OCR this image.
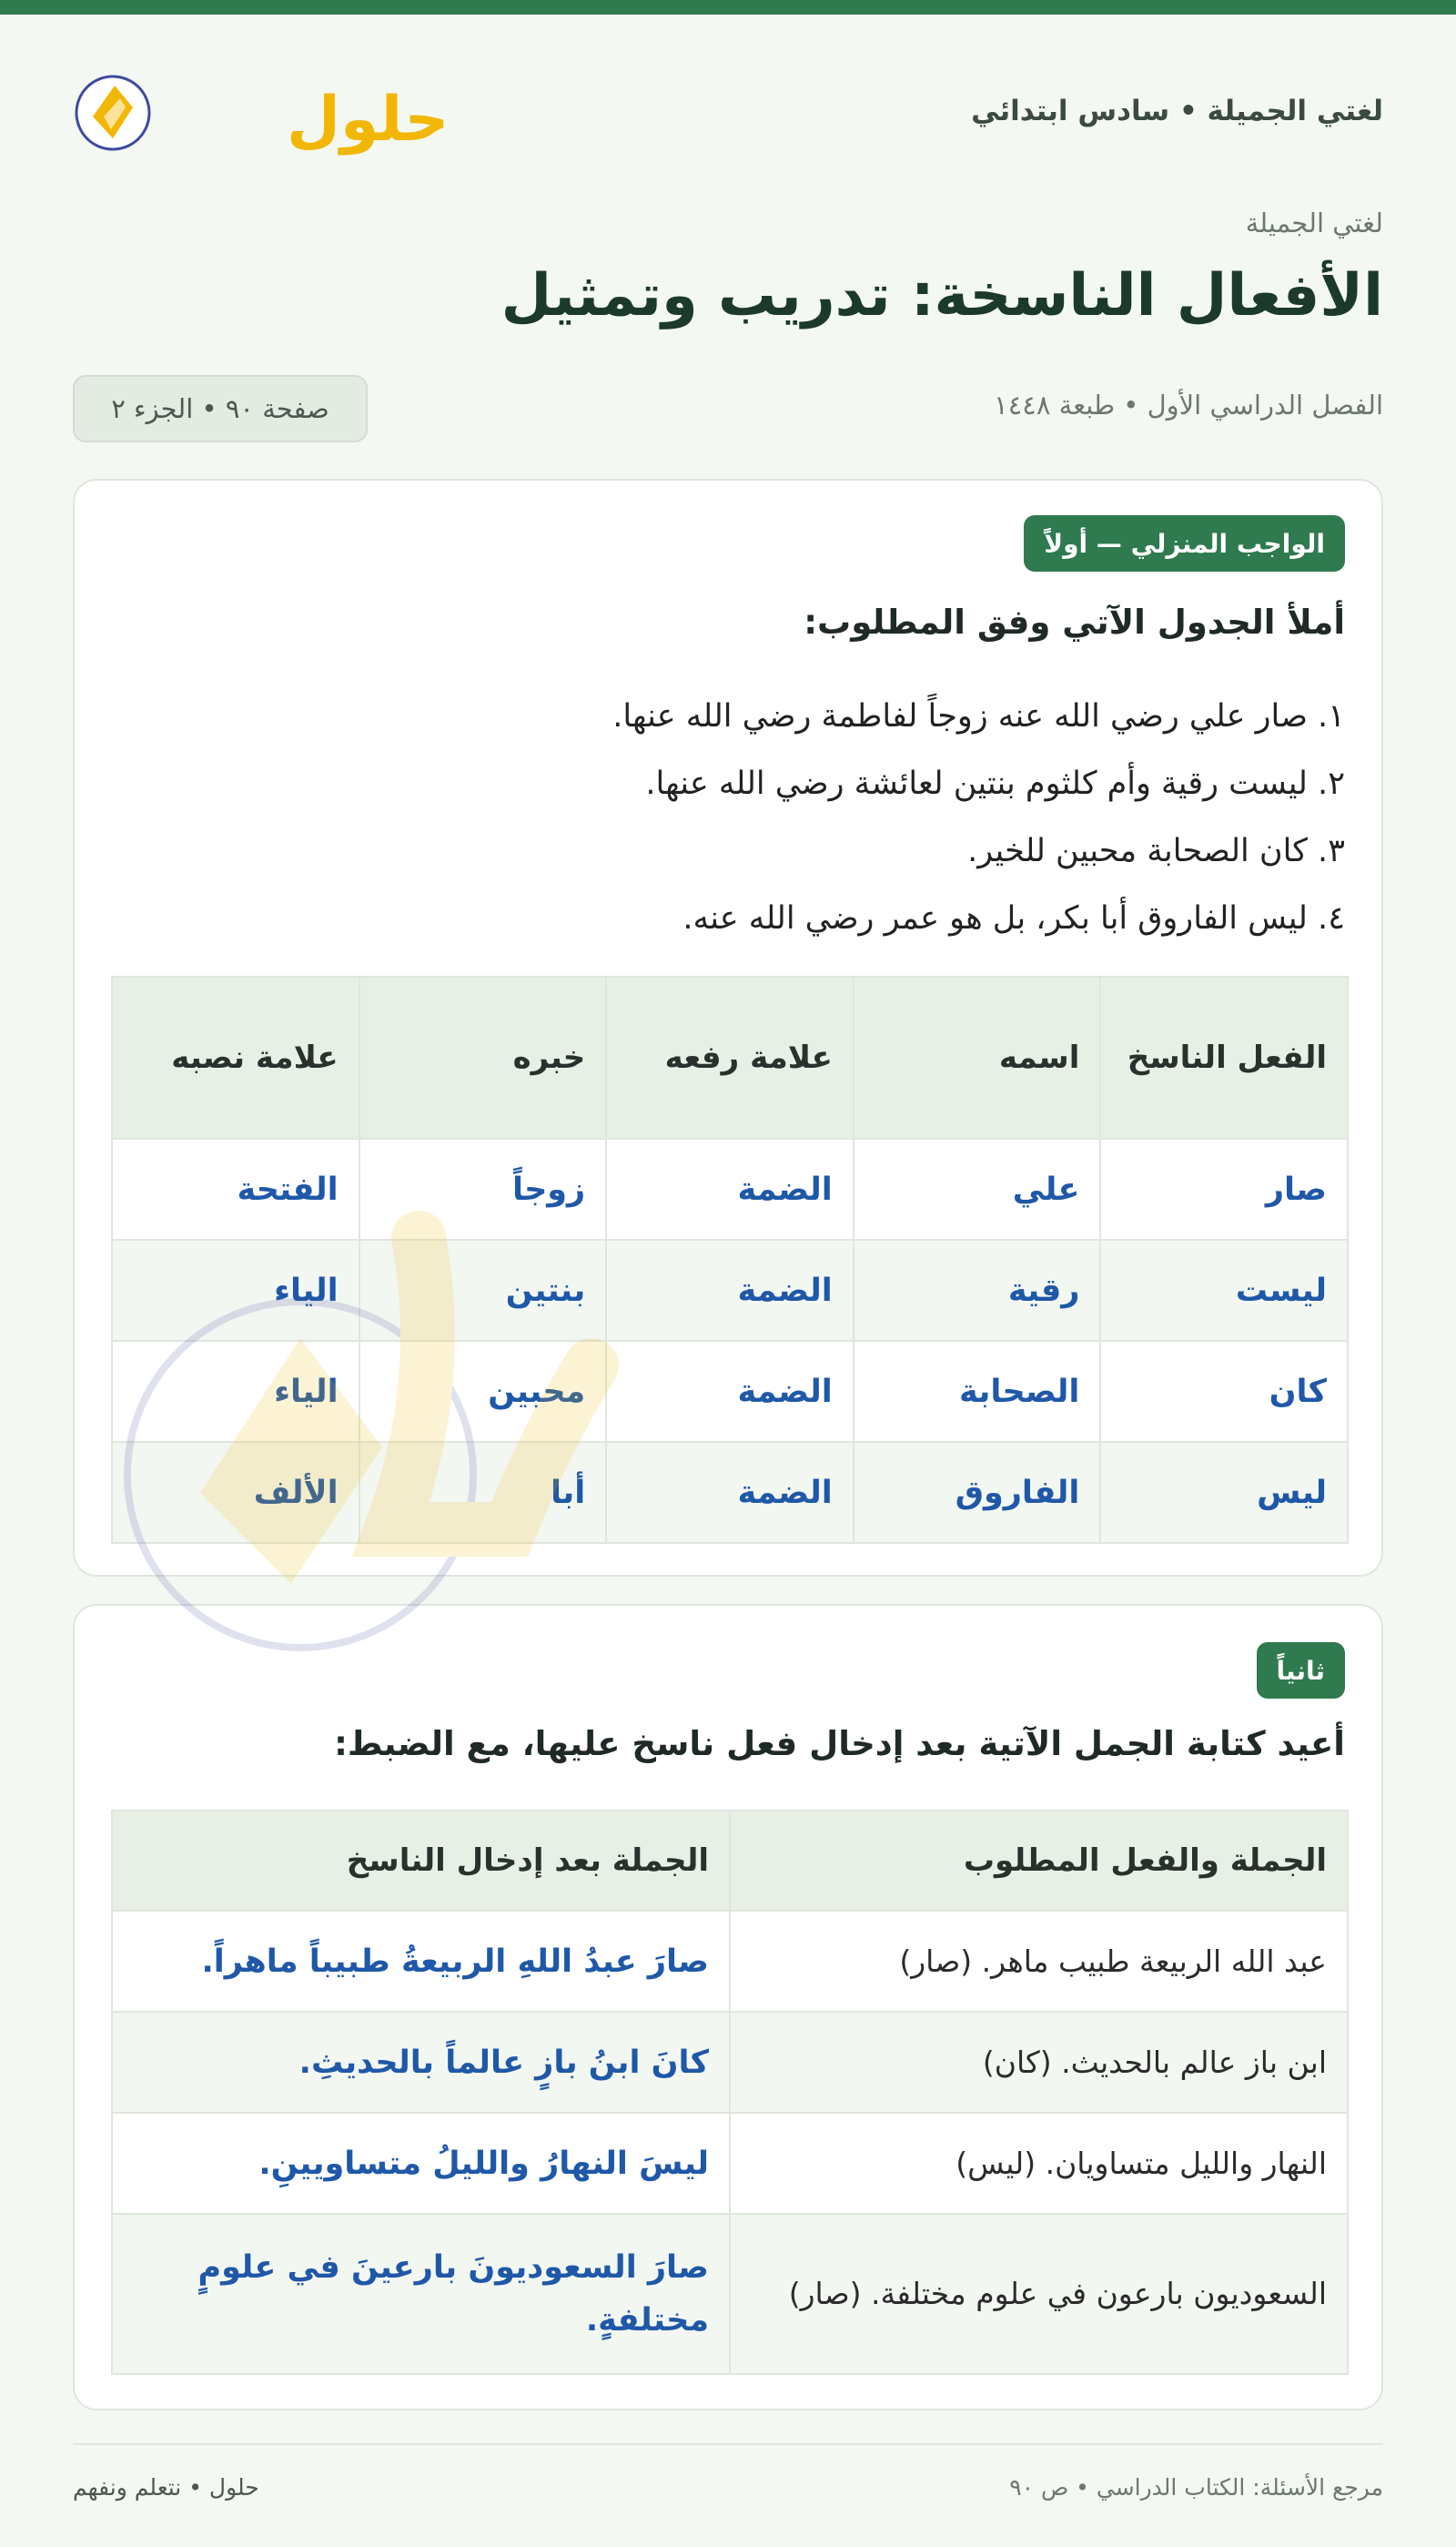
لغتي الجميلة • سادس ابتدائي
حلول
لغتي الجميلة
الأفعال الناسخة: تدريب وتمثيل
الفصل الدراسي الأول • طبعة ١٤٤٨
صفحة ٩٠ • الجزء ٢
الواجب المنزلي — أولاً
أملأ الجدول الآتي وفق المطلوب:
١. صار علي رضي الله عنه زوجاً لفاطمة رضي الله عنها.
٢. ليست رقية وأم كلثوم بنتين لعائشة رضي الله عنها.
٣. كان الصحابة محبين للخير.
٤. ليس الفاروق أبا بكر، بل هو عمر رضي الله عنه.
الفعل الناسخ	اسمه	علامة رفعه	خبره	علامة نصبه
صار	علي	الضمة	زوجاً	الفتحة
ليست	رقية	الضمة	بنتين	الياء
كان	الصحابة	الضمة	محبين	الياء
ليس	الفاروق	الضمة	أبا	الألف
ثانياً
أعيد كتابة الجمل الآتية بعد إدخال فعل ناسخ عليها، مع الضبط:
الجملة والفعل المطلوب	الجملة بعد إدخال الناسخ
عبد الله الربيعة طبيب ماهر. (صار)	صارَ عبدُ اللهِ الربيعةُ طبيباً ماهراً.
ابن باز عالم بالحديث. (كان)	كانَ ابنُ بازٍ عالماً بالحديثِ.
النهار والليل متساويان. (ليس)	ليسَ النهارُ والليلُ متساويينِ.
السعوديون بارعون في علوم مختلفة. (صار)	صارَ السعوديونَ بارعينَ في علومٍ مختلفةٍ.
مرجع الأسئلة: الكتاب الدراسي • ص ٩٠
حلول • نتعلم ونفهم
